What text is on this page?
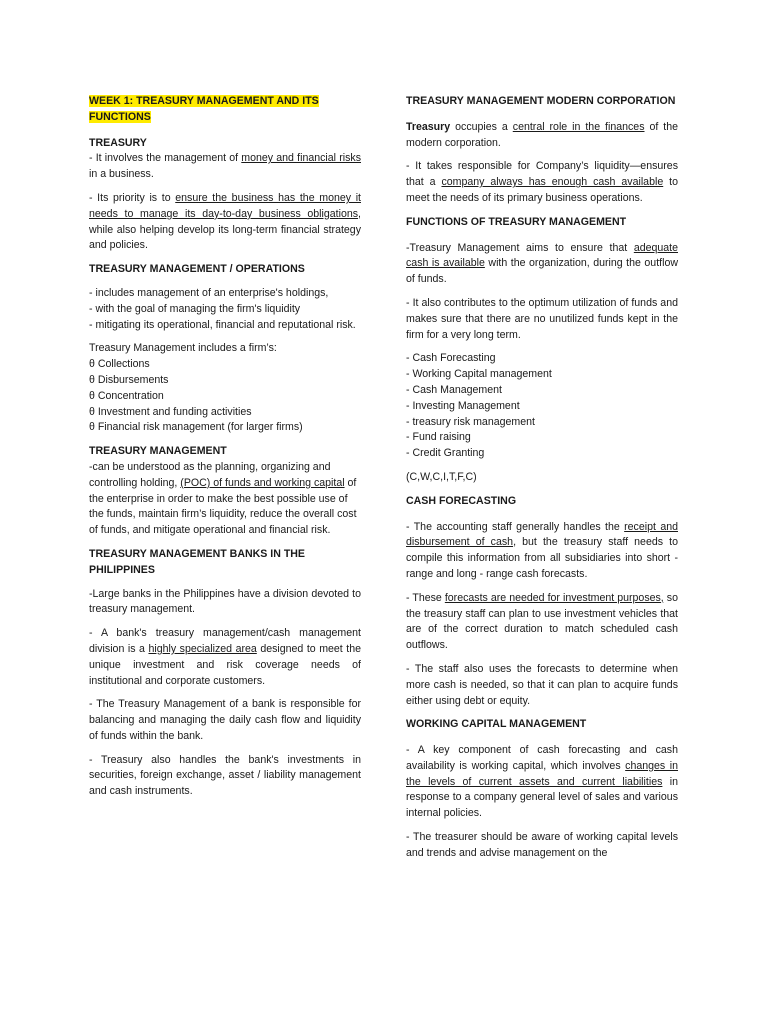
WEEK 1: TREASURY MANAGEMENT AND ITS
FUNCTIONS
TREASURY

- It involves the management of money and financial risks in a business.

- Its priority is to ensure the business has the money it needs to manage its day-to-day business obligations, while also helping develop its long-term financial strategy and policies.

TREASURY MANAGEMENT / OPERATIONS

- includes management of an enterprise's holdings,
- with the goal of managing the firm's liquidity
- mitigating its operational, financial and reputational risk.

Treasury Management includes a firm’s:

θ Collections
θ Disbursements
θ Concentration
θ Investment and funding activities
θ Financial risk management (for larger firms)
TREASURY MANAGEMENT

-can be understood as the planning, organizing and controlling holding, (POC) of funds and working capital of the enterprise in order to make the best possible use of the funds, maintain firm’s liquidity, reduce the overall cost of funds, and mitigate operational and financial risk.

TREASURY MANAGEMENT BANKS IN THE PHILIPPINES

-Large banks in the Philippines have a division devoted to treasury management.

- A bank's treasury management/cash management division is a highly specialized area designed to meet the unique investment and risk coverage needs of institutional and corporate customers.

- The Treasury Management of a bank is responsible for balancing and managing the daily cash flow and liquidity of funds within the bank.

- Treasury also handles the bank's investments in securities, foreign exchange, asset / liability management and cash instruments.

TREASURY MANAGEMENT MODERN CORPORATION

Treasury occupies a central role in the finances of the modern corporation.

- It takes responsible for Company’s liquidity—ensures that a company always has enough cash available to meet the needs of its primary business operations.

FUNCTIONS OF TREASURY MANAGEMENT

-Treasury Management aims to ensure that adequate cash is available with the organization, during the outflow of funds.

- It also contributes to the optimum utilization of funds and makes sure that there are no unutilized funds kept in the firm for a very long term.

- Cash Forecasting
- Working Capital management
- Cash Management
- Investing Management
- treasury risk management
- Fund raising
- Credit Granting

(C,W,C,I,T,F,C)

CASH FORECASTING

- The accounting staff generally handles the receipt and disbursement of cash, but the treasury staff needs to compile this information from all subsidiaries into short - range and long - range cash forecasts.

- These forecasts are needed for investment purposes, so the treasury staff can plan to use investment vehicles that are of the correct duration to match scheduled cash outflows.

- The staff also uses the forecasts to determine when more cash is needed, so that it can plan to acquire funds either using debt or equity.

WORKING CAPITAL MANAGEMENT

- A key component of cash forecasting and cash availability is working capital, which involves changes in the levels of current assets and current liabilities in response to a company general level of sales and various internal policies.

- The treasurer should be aware of working capital levels and trends and advise management on the
